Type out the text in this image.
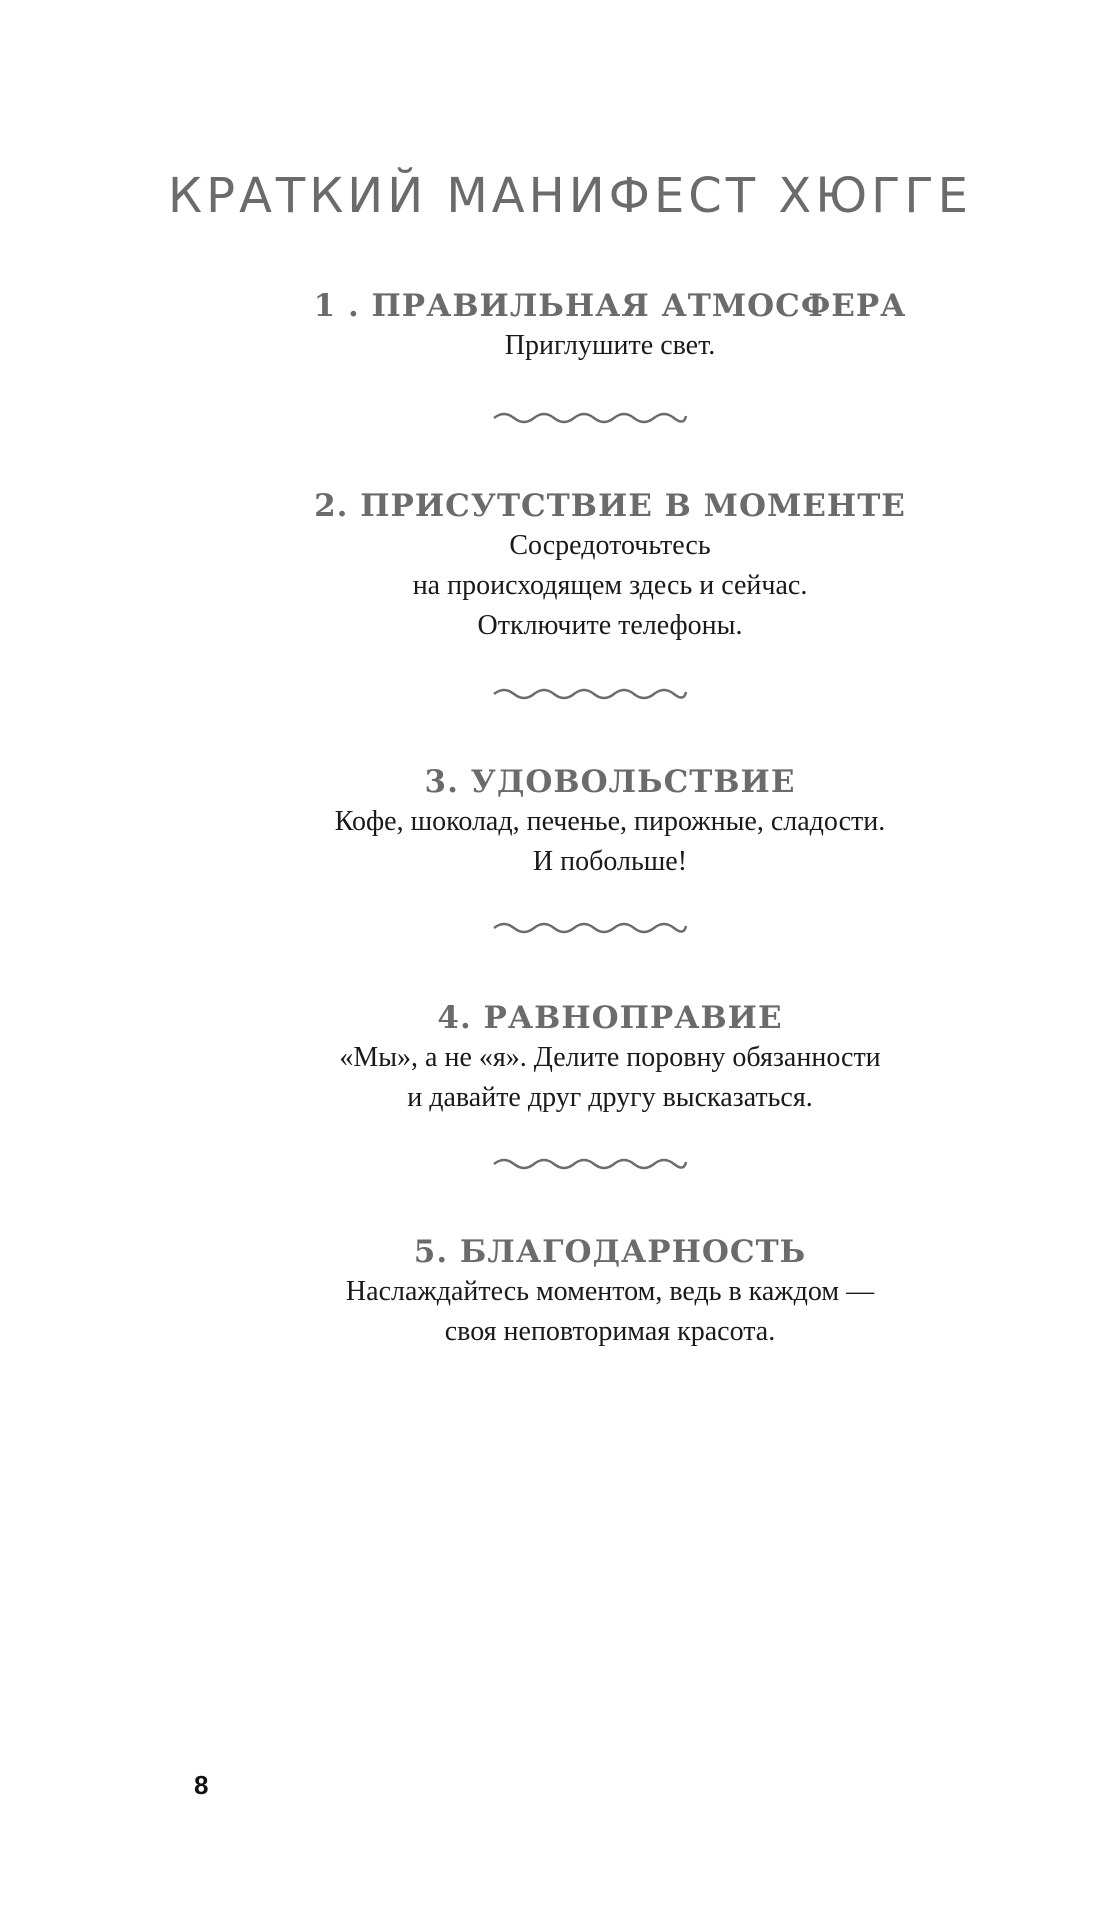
КРАТКИЙ МАНИФЕСТ ХЮГГЕ
1 . ПРАВИЛЬНАЯ АТМОСФЕРА
Приглушите свет.
2. ПРИСУТСТВИЕ В МОМЕНТЕ
Сосредоточьтесь
на происходящем здесь и сейчас.
Отключите телефоны.
3. УДОВОЛЬСТВИЕ
Кофе, шоколад, печенье, пирожные, сладости.
И побольше!
4. РАВНОПРАВИЕ
«Мы», а не «я». Делите поровну обязанности
и давайте друг другу высказаться.
5. БЛАГОДАРНОСТЬ
Наслаждайтесь моментом, ведь в каждом —
своя неповторимая красота.
8
